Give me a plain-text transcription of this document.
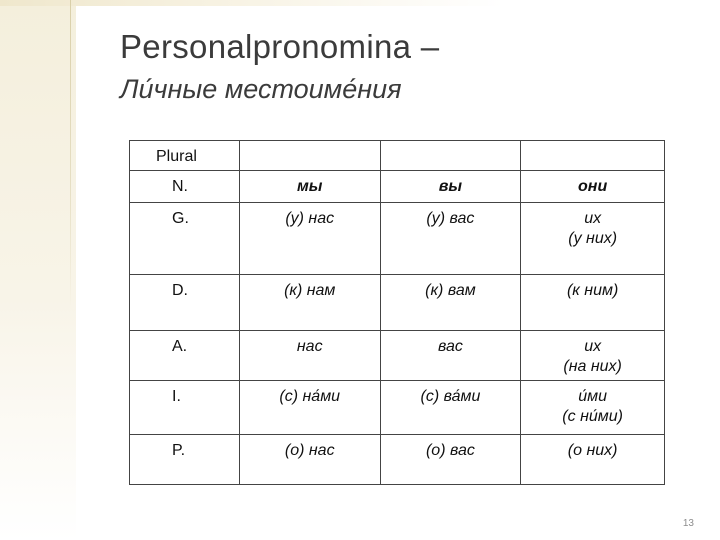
Personalpronomina –
Ли́чные местоиме́ния
Plural			
N.	мы	вы	они
G.	(у) нас	(у) вас	их
(у них)

D.	(к) нам	(к) вам	(к ним)
A.	нас	вас	их
(на них)

I.	(с) на́ми	(с) ва́ми	и́ми
(с ни́ми)

P.	(о) нас	(о) вас	(о них)
13
